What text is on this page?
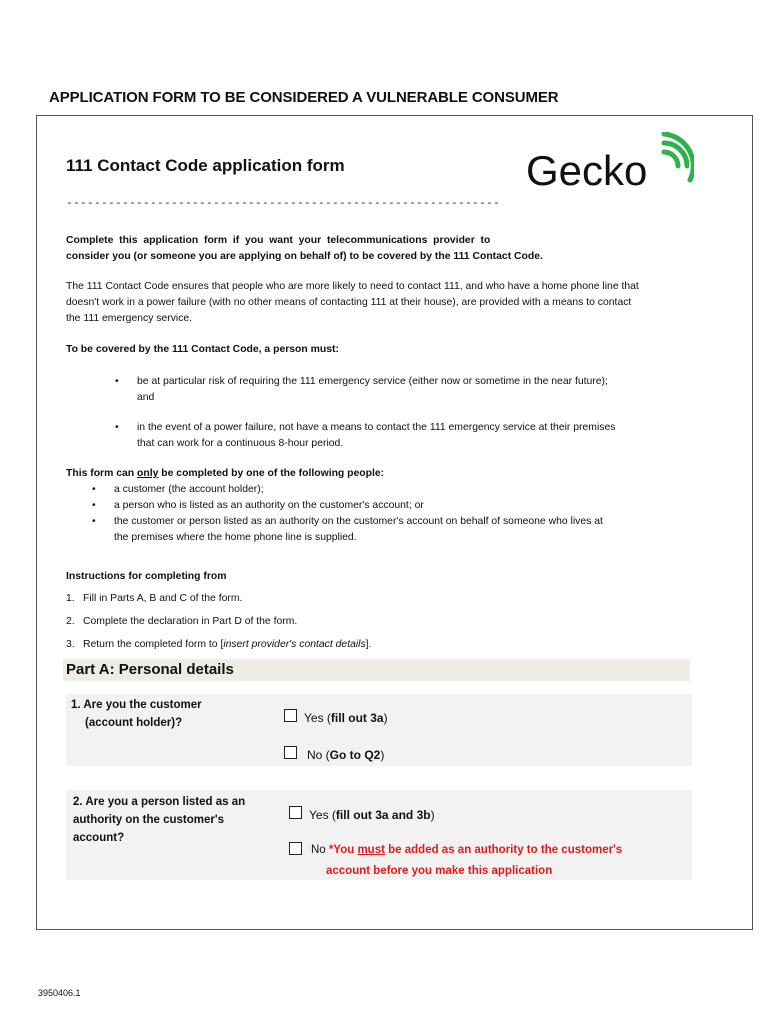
APPLICATION FORM TO BE CONSIDERED A VULNERABLE CONSUMER
111 Contact Code application form	Gecko
--------------------------------------------------------------
Complete  this  application  form  if  you  want  your  telecommunications  provider  to
consider you (or someone you are applying on behalf of) to be covered by the 111 Contact Code.
The 111 Contact Code ensures that people who are more likely to need to contact 111, and who have a home phone line that
doesn't work in a power failure (with no other means of contacting 111 at their house), are provided with a means to contact
the 111 emergency service.
To be covered by the 111 Contact Code, a person must:
• be at particular risk of requiring the 111 emergency service (either now or sometime in the near future);
and
• in the event of a power failure, not have a means to contact the 111 emergency service at their premises
that can work for a continuous 8-hour period.
This form can only be completed by one of the following people:
• a customer (the account holder);
• a person who is listed as an authority on the customer's account; or
• the customer or person listed as an authority on the customer's account on behalf of someone who lives at
the premises where the home phone line is supplied.
Instructions for completing from
1. Fill in Parts A, B and C of the form.
2. Complete the declaration in Part D of the form.
3. Return the completed form to [insert provider's contact details].
Part A: Personal details
1. Are you the customer
(account holder)?	Yes (fill out 3a)
No (Go to Q2)
2. Are you a person listed as an
authority on the customer's
account?
Yes (fill out 3a and 3b)
No *You must be added as an authority to the customer's
account before you make this application
3950406.1
